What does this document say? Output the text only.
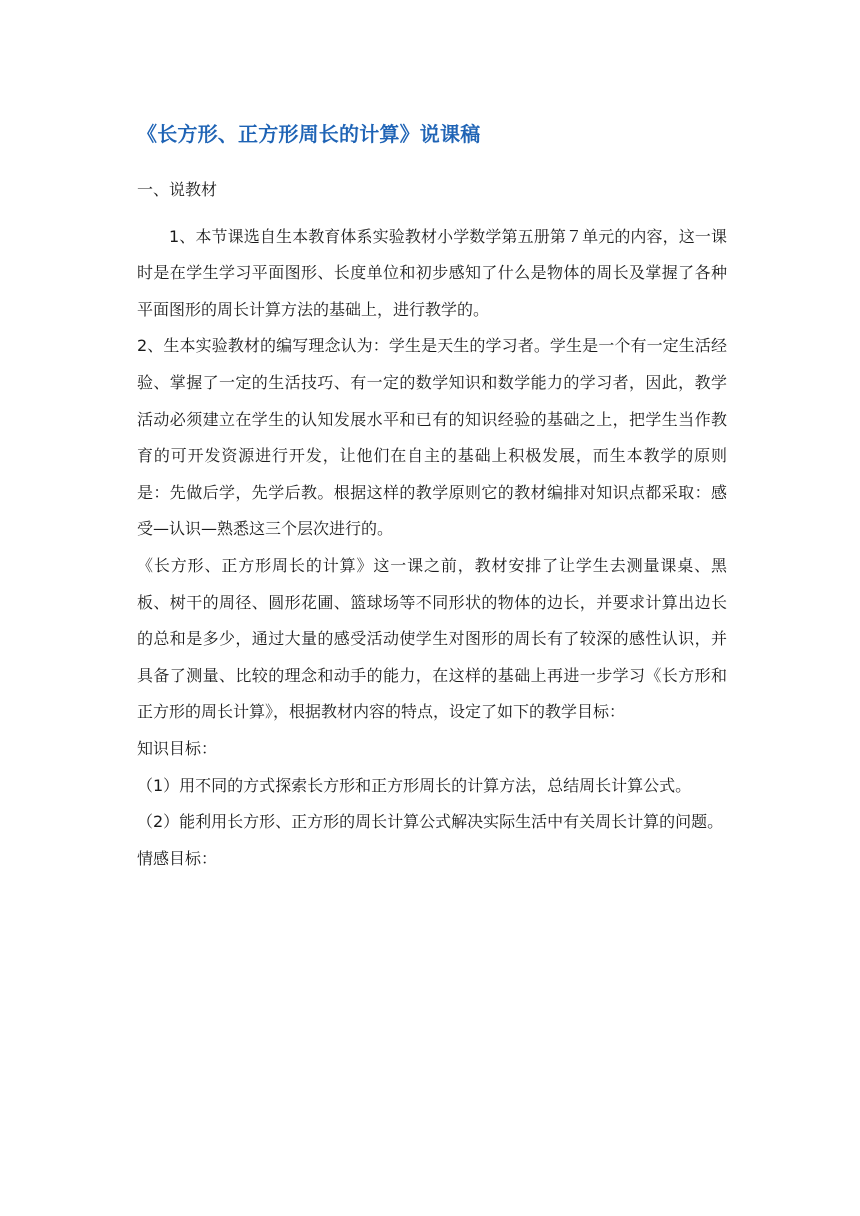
《长方形、正方形周长的计算》说课稿

一、说教材

1、本节课选自生本教育体系实验教材小学数学第五册第７单元的内容，这一课时是在学生学习平面图形、长度单位和初步感知了什么是物体的周长及掌握了各种平面图形的周长计算方法的基础上，进行教学的。

2、生本实验教材的编写理念认为：学生是天生的学习者。学生是一个有一定生活经验、掌握了一定的生活技巧、有一定的数学知识和数学能力的学习者，因此，教学活动必须建立在学生的认知发展水平和已有的知识经验的基础之上，把学生当作教育的可开发资源进行开发，让他们在自主的基础上积极发展，而生本教学的原则是：先做后学，先学后教。根据这样的教学原则它的教材编排对知识点都采取：感受—认识—熟悉这三个层次进行的。

《长方形、正方形周长的计算》这一课之前，教材安排了让学生去测量课桌、黑板、树干的周径、圆形花圃、篮球场等不同形状的物体的边长，并要求计算出边长的总和是多少，通过大量的感受活动使学生对图形的周长有了较深的感性认识，并具备了测量、比较的理念和动手的能力，在这样的基础上再进一步学习《长方形和正方形的周长计算》，根据教材内容的特点，设定了如下的教学目标：

知识目标：

（1）用不同的方式探索长方形和正方形周长的计算方法，总结周长计算公式。

（2）能利用长方形、正方形的周长计算公式解决实际生活中有关周长计算的问题。

情感目标：
